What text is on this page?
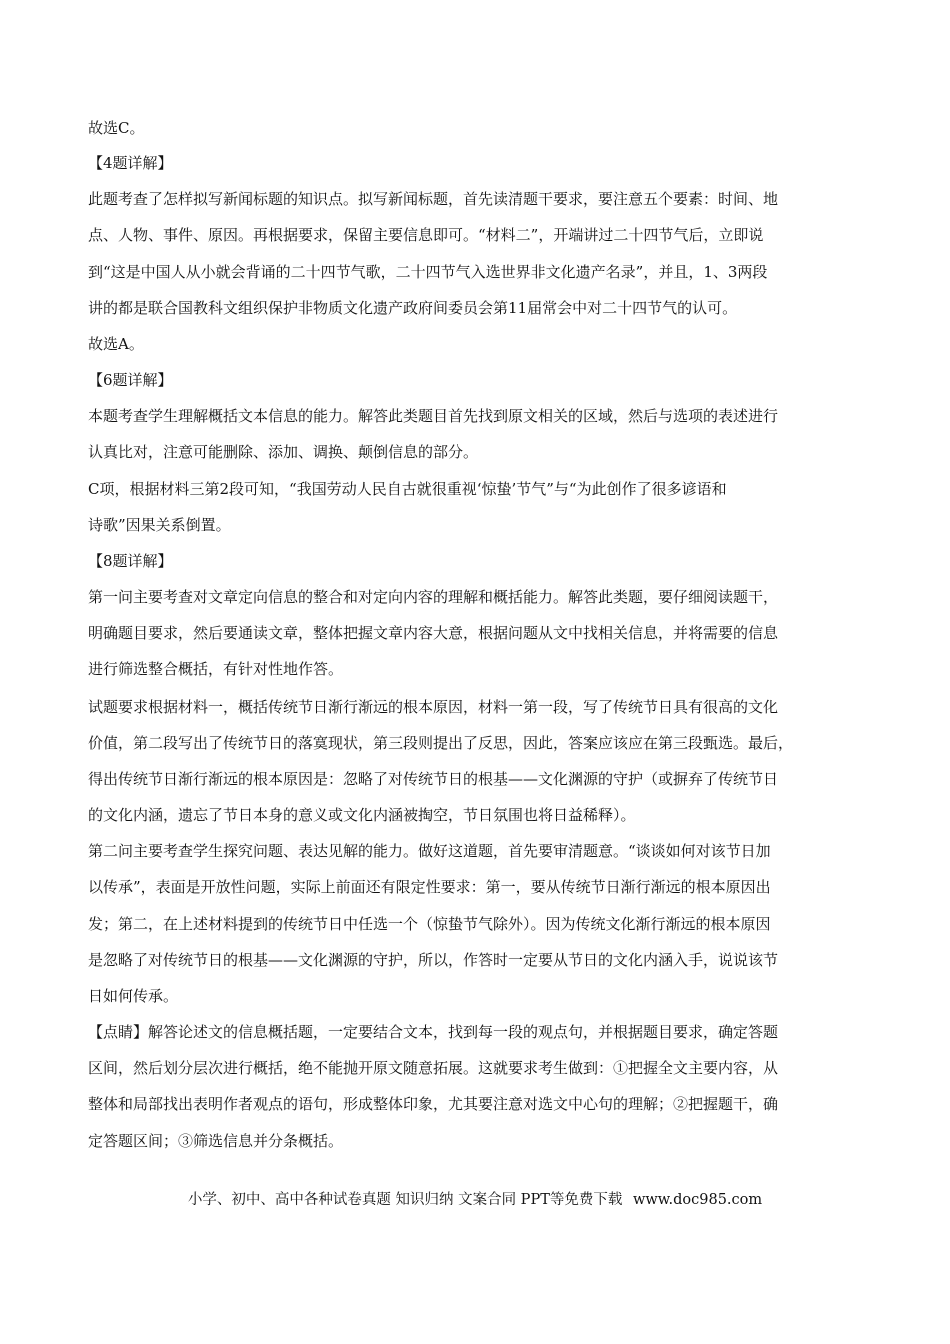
故选C。
【4题详解】
此题考查了怎样拟写新闻标题的知识点。拟写新闻标题，首先读清题干要求，要注意五个要素：时间、地
点、人物、事件、原因。再根据要求，保留主要信息即可。“材料二”，开端讲过二十四节气后，立即说
到“这是中国人从小就会背诵的二十四节气歌，二十四节气入选世界非文化遗产名录”，并且，1、3两段
讲的都是联合国教科文组织保护非物质文化遗产政府间委员会第11届常会中对二十四节气的认可。
故选A。
【6题详解】
本题考查学生理解概括文本信息的能力。解答此类题目首先找到原文相关的区域，然后与选项的表述进行
认真比对，注意可能删除、添加、调换、颠倒信息的部分。
C项，根据材料三第2段可知，“我国劳动人民自古就很重视‘惊蛰’节气”与“为此创作了很多谚语和
诗歌”因果关系倒置。
【8题详解】
第一问主要考查对文章定向信息的整合和对定向内容的理解和概括能力。解答此类题，要仔细阅读题干，
明确题目要求，然后要通读文章，整体把握文章内容大意，根据问题从文中找相关信息，并将需要的信息
进行筛选整合概括，有针对性地作答。
试题要求根据材料一，概括传统节日渐行渐远的根本原因，材料一第一段，写了传统节日具有很高的文化
价值，第二段写出了传统节日的落寞现状，第三段则提出了反思，因此，答案应该应在第三段甄选。最后，
得出传统节日渐行渐远的根本原因是：忽略了对传统节日的根基——文化渊源的守护（或摒弃了传统节日
的文化内涵，遗忘了节日本身的意义或文化内涵被掏空，节日氛围也将日益稀释）。
第二问主要考查学生探究问题、表达见解的能力。做好这道题，首先要审清题意。“谈谈如何对该节日加
以传承”，表面是开放性问题，实际上前面还有限定性要求：第一，要从传统节日渐行渐远的根本原因出
发；第二，在上述材料提到的传统节日中任选一个（惊蛰节气除外）。因为传统文化渐行渐远的根本原因
是忽略了对传统节日的根基——文化渊源的守护，所以，作答时一定要从节日的文化内涵入手，说说该节
日如何传承。
【点睛】解答论述文的信息概括题，一定要结合文本，找到每一段的观点句，并根据题目要求，确定答题
区间，然后划分层次进行概括，绝不能抛开原文随意拓展。这就要求考生做到：①把握全文主要内容，从
整体和局部找出表明作者观点的语句，形成整体印象，尤其要注意对选文中心句的理解；②把握题干，确
定答题区间；③筛选信息并分条概括。
小学、初中、高中各种试卷真题 知识归纳 文案合同 PPT等免费下载 www.doc985.com
